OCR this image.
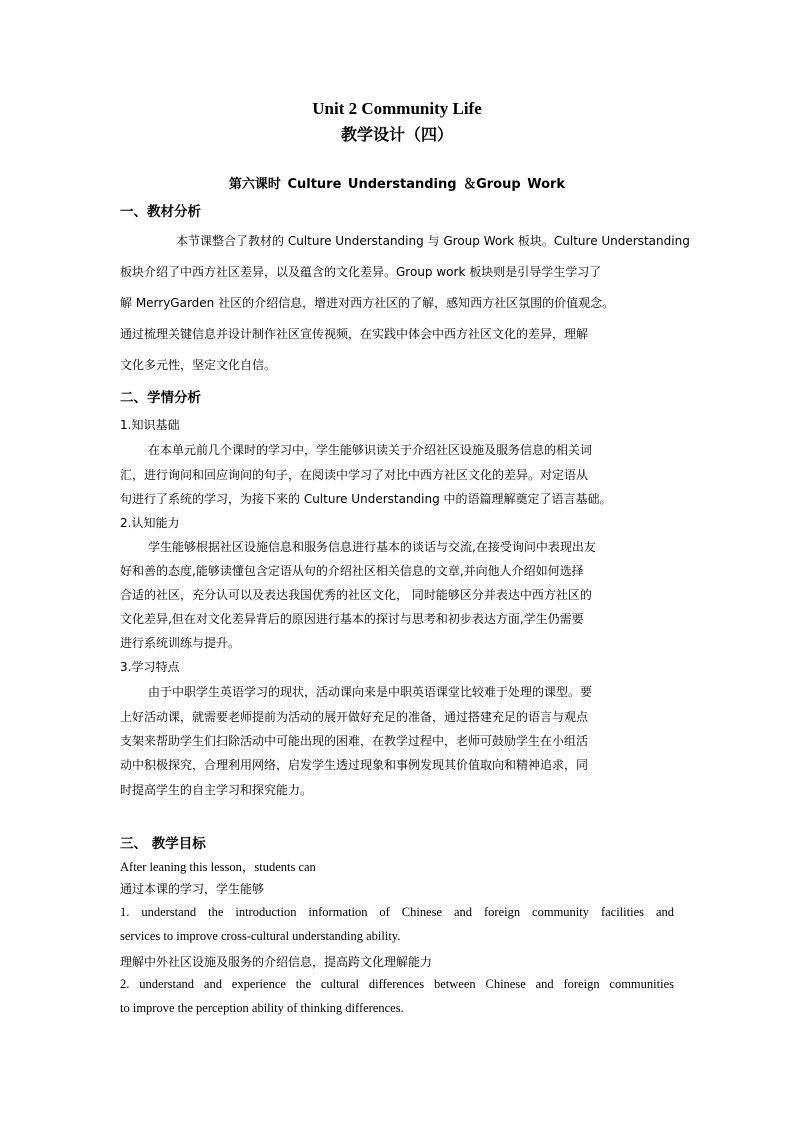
Unit 2 Community Life
教学设计（四）
第六课时 Culture Understanding ＆Group Work
一、教材分析
本节课整合了教材的 Culture Understanding 与 Group Work 板块。Culture Understanding
板块介绍了中西方社区差异，以及蕴含的文化差异。Group work 板块则是引导学生学习了
解 MerryGarden 社区的介绍信息，增进对西方社区的了解，感知西方社区氛围的价值观念。
通过梳理关键信息并设计制作社区宣传视频，在实践中体会中西方社区文化的差异，理解
文化多元性，坚定文化自信。
二、学情分析
1.知识基础
在本单元前几个课时的学习中，学生能够识读关于介绍社区设施及服务信息的相关词
汇，进行询问和回应询问的句子，在阅读中学习了对比中西方社区文化的差异。对定语从
句进行了系统的学习，为接下来的 Culture Understanding 中的语篇理解奠定了语言基础。
2.认知能力
学生能够根据社区设施信息和服务信息进行基本的谈话与交流,在接受询问中表现出友
好和善的态度,能够读懂包含定语从句的介绍社区相关信息的文章,并向他人介绍如何选择
合适的社区，充分认可以及表达我国优秀的社区文化， 同时能够区分并表达中西方社区的
文化差异,但在对文化差异背后的原因进行基本的探讨与思考和初步表达方面,学生仍需要
进行系统训练与提升。
3.学习特点
由于中职学生英语学习的现状，活动课向来是中职英语课堂比较难于处理的课型。要
上好活动课，就需要老师提前为活动的展开做好充足的准备，通过搭建充足的语言与观点
支架来帮助学生们扫除活动中可能出现的困难，在教学过程中，老师可鼓励学生在小组活
动中积极探究，合理利用网络，启发学生透过现象和事例发现其价值取向和精神追求，同
时提高学生的自主学习和探究能力。
三、 教学目标
After leaning this lesson，students can
通过本课的学习，学生能够
1. understand the introduction information of Chinese and foreign community facilities and
services to improve cross-cultural understanding ability.
理解中外社区设施及服务的介绍信息，提高跨文化理解能力
2. understand and experience the cultural differences between Chinese and foreign communities
to improve the perception ability of thinking differences.
